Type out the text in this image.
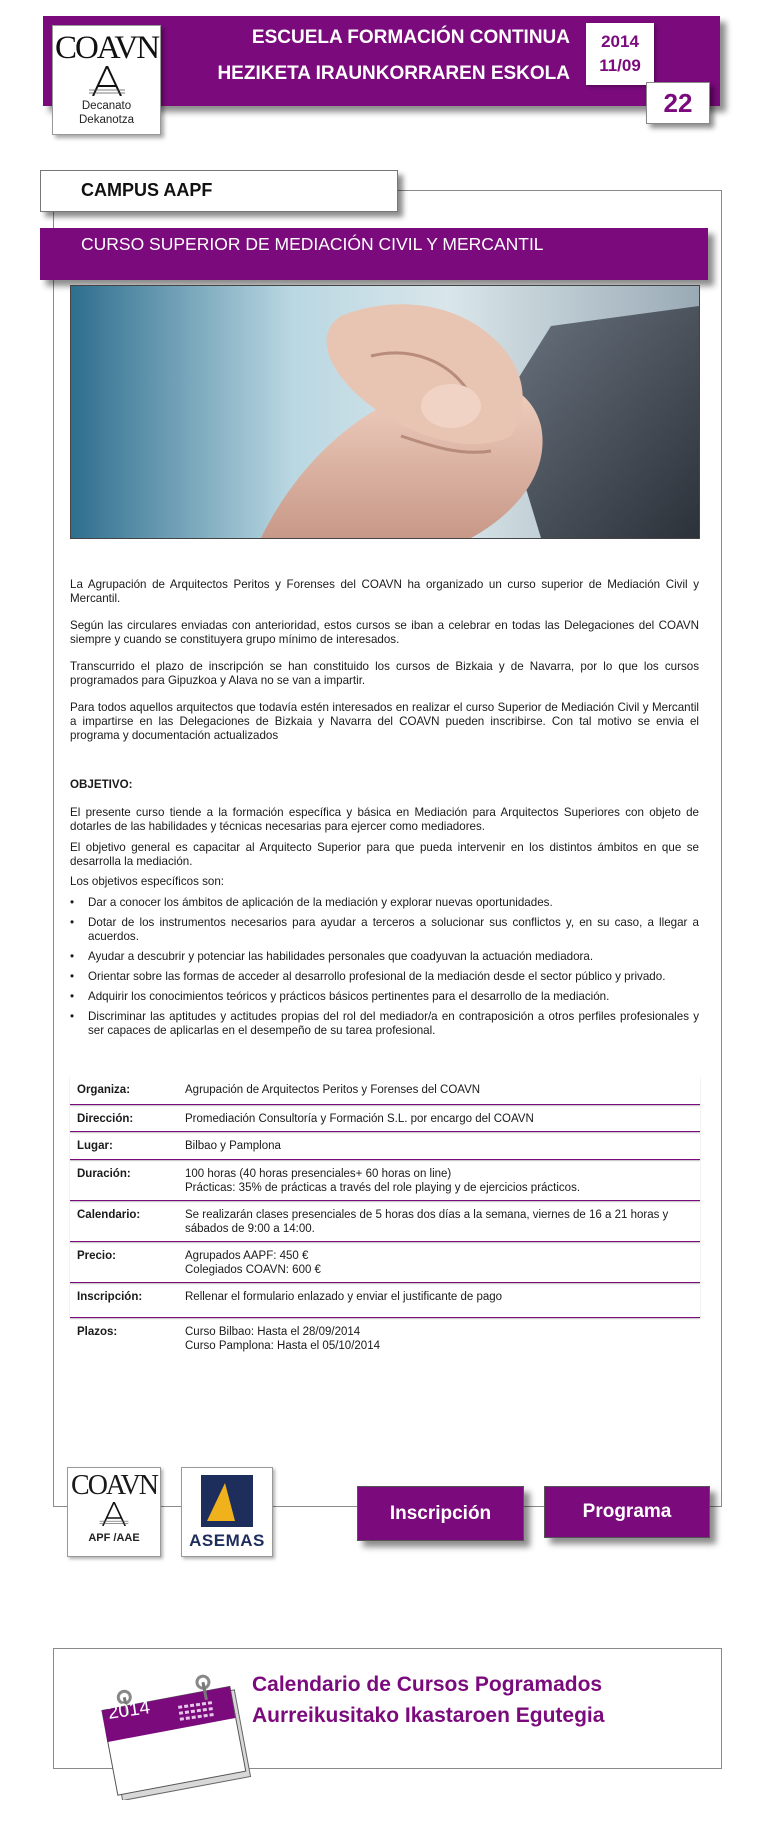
COAVN
Decanato
Dekanotza
ESCUELA FORMACIÓN CONTINUA
HEZIKETA IRAUNKORRAREN ESKOLA
2014
11/09
22
CAMPUS AAPF
CURSO SUPERIOR DE MEDIACIÓN CIVIL Y MERCANTIL
La Agrupación de Arquitectos Peritos y Forenses del COAVN ha organizado un curso superior de Mediación Civil y Mercantil.
Según las circulares enviadas con anterioridad, estos cursos se iban a celebrar en todas las Delegaciones del COAVN siempre y cuando se constituyera grupo mínimo de interesados.
Transcurrido el plazo de inscripción se han constituido los cursos de Bizkaia y de Navarra, por lo que los cursos programados para Gipuzkoa y Alava no se van a impartir.
Para todos aquellos arquitectos que todavía estén interesados en realizar el curso Superior de Mediación Civil y Mercantil a impartirse en las Delegaciones de Bizkaia y Navarra del COAVN pueden inscribirse. Con tal motivo se envia el programa y documentación actualizados
OBJETIVO:
El presente curso tiende a la formación específica y básica en Mediación para Arquitectos Superiores con objeto de dotarles de las habilidades y técnicas necesarias para ejercer como mediadores.
El objetivo general es capacitar al Arquitecto Superior para que pueda intervenir en los distintos ámbitos en que se desarrolla la mediación.
Los objetivos específicos son:
• Dar a conocer los ámbitos de aplicación de la mediación y explorar nuevas oportunidades.
• Dotar de los instrumentos necesarios para ayudar a terceros a solucionar sus conflictos y, en su caso, a llegar a acuerdos.
• Ayudar a descubrir y potenciar las habilidades personales que coadyuvan la actuación mediadora.
• Orientar sobre las formas de acceder al desarrollo profesional de la mediación desde el sector público y privado.
• Adquirir los conocimientos teóricos y prácticos básicos pertinentes para el desarrollo de la mediación.
• Discriminar las aptitudes y actitudes propias del rol del mediador/a en contraposición a otros perfiles profesionales y ser capaces de aplicarlas en el desempeño de su tarea profesional.
Organiza:	Agrupación de Arquitectos Peritos y Forenses del COAVN
Dirección:	Promediación Consultoría y Formación S.L. por encargo del COAVN
Lugar:	Bilbao y Pamplona
Duración:	100 horas (40 horas presenciales+ 60 horas on line)
Prácticas: 35% de prácticas a través del role playing y de ejercicios prácticos.
Calendario:	Se realizarán clases presenciales de 5 horas dos días a la semana, viernes de 16 a 21 horas y sábados de 9:00 a 14:00.
Precio:	Agrupados AAPF: 450 €
Colegiados COAVN: 600 €
Inscripción:	Rellenar el formulario enlazado y enviar el justificante de pago
Plazos:	Curso Bilbao: Hasta el 28/09/2014
Curso Pamplona: Hasta el 05/10/2014
COAVN
APF /AAE	ASEMAS
Inscripción	Programa
2014
Calendario de Cursos Pogramados
Aurreikusitako Ikastaroen Egutegia
